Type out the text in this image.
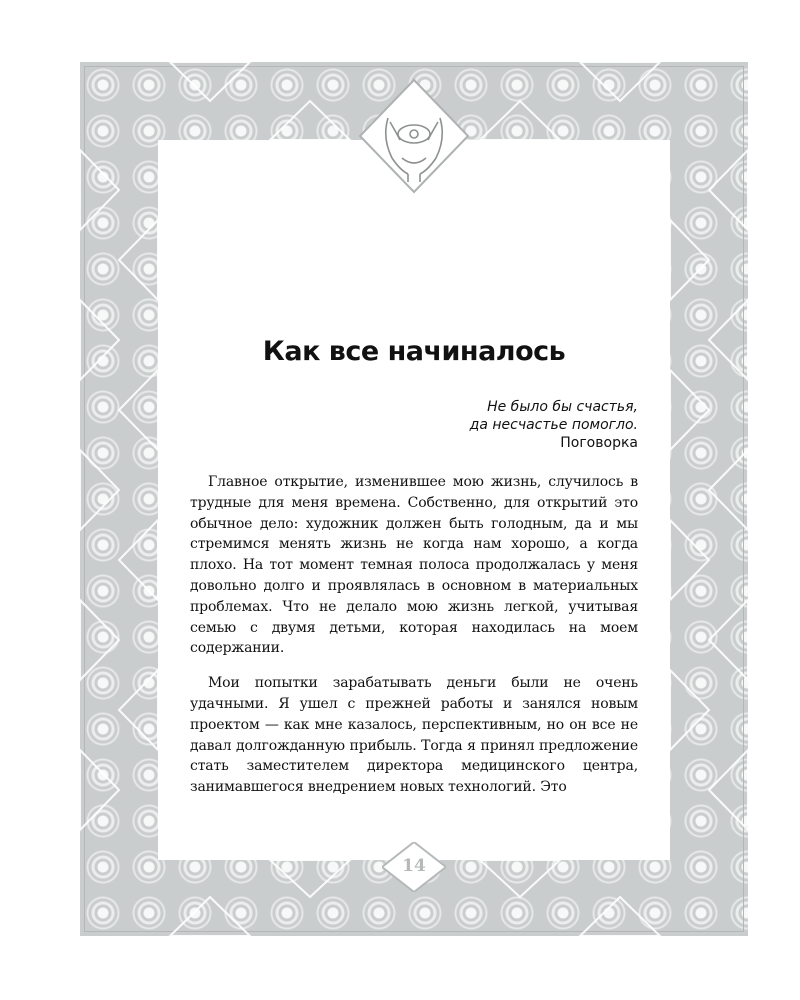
14
Как все начиналось
Не было бы счастья,
да несчастье помогло.
Поговорка

Главное открытие, изменившее мою жизнь, случилось в трудные для меня времена. Собственно, для открытий это обычное дело: художник должен быть голодным, да и мы стремимся менять жизнь не когда нам хорошо, а когда плохо. На тот момент темная полоса продолжалась у меня довольно долго и проявлялась в основном в материальных проблемах. Что не делало мою жизнь легкой, учитывая семью с двумя детьми, которая находилась на моем содержании.

Мои попытки зарабатывать деньги были не очень удачными. Я ушел с прежней работы и занялся новым проектом — как мне казалось, перспективным, но он все не давал долгожданную прибыль. Тогда я принял предложение стать заместителем директора медицинского центра, занимавшегося внедрением новых технологий. Это
